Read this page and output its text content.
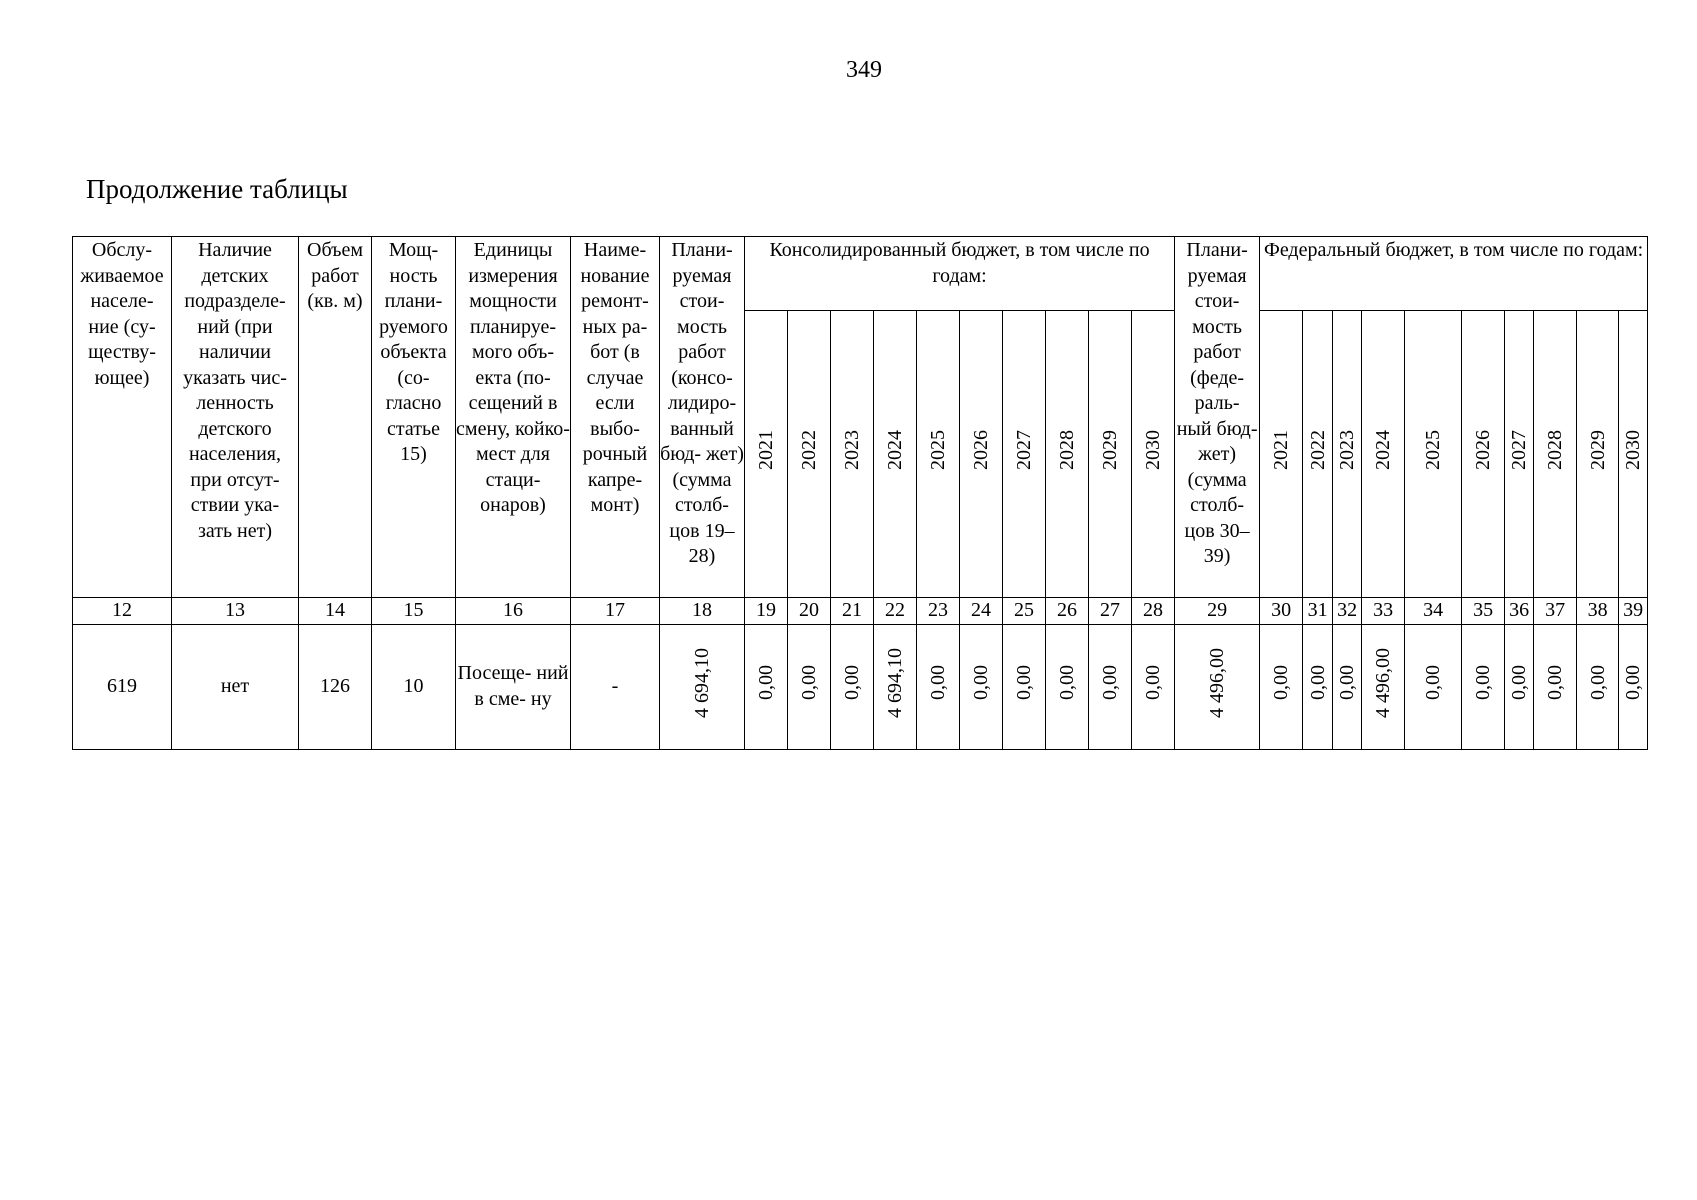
349
Продолжение таблицы
Обслу- живаемое населе- ние (су- ществу- ющее)	Наличие детских подразделе- ний (при наличии указать чис- ленность детского населения, при отсут- ствии ука- зать нет)	Объем работ (кв. м)	Мощ- ность плани- руемого объекта (со- гласно статье 15)	Единицы измерения мощности планируе- мого объ- екта (по- сещений в смену, койко-мест для стаци- онаров)	Наиме- нование ремонт- ных ра- бот (в случае если выбо- рочный капре- монт)	Плани- руемая стои- мость работ (консо- лидиро- ванный бюд- жет) (сумма столб- цов 19– 28)	Консолидированный бюджет, в том числе по годам:										Плани- руемая стои- мость работ (феде- раль- ный бюд- жет) (сумма столб- цов 30– 39)	Федеральный бюджет, в том числе по годам:									
							2021	2022	2023	2024	2025	2026	2027	2028	2029	2030		2021	2022	2023	2024	2025	2026	2027	2028	2029	2030
12	13	14	15	16	17	18	19	20	21	22	23	24	25	26	27	28	29	30	31	32	33	34	35	36	37	38	39
619	нет	126	10	Посеще- ний в сме- ну	-	4 694,10	0,00	0,00	0,00	4 694,10	0,00	0,00	0,00	0,00	0,00	0,00	4 496,00	0,00	0,00	0,00	4 496,00	0,00	0,00	0,00	0,00	0,00	0,00
